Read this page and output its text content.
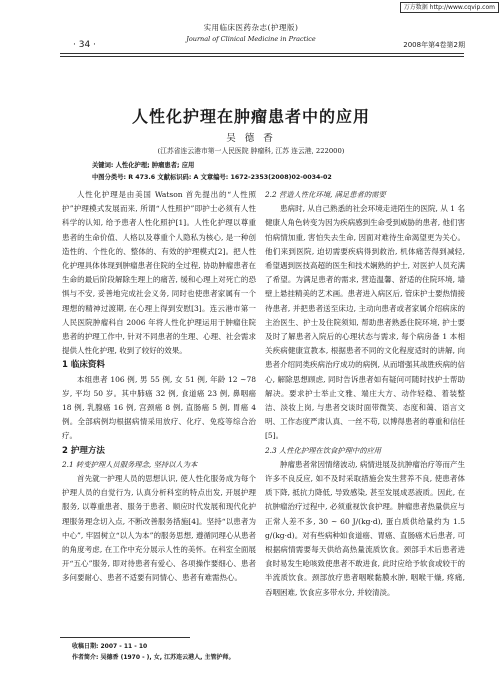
万方数据 http://www.cqvip.com
实用临床医药杂志(护理版)
Journal of Clinical Medicine in Practice
· 34 ·	2008年第4卷第2期
人性化护理在肿瘤患者中的应用
吴 德 香
(江苏省连云港市第一人民医院 肿瘤科, 江苏 连云港, 222000)
关键词: 人性化护理; 肿瘤患者; 应用
中图分类号: R 473.6 文献标识码: A 文章编号: 1672-2353(2008)02-0034-02

人性化护理是由美国 Watson 首先提出的“人性照护”护理模式发展而来, 所谓“人性照护”即护士必须有人性科学的认知, 给予患者人性化照护[1]。人性化护理以尊重患者的生命价值、人格以及尊重个人隐私为核心, 是一种创造性的、个性化的、整体的、有效的护理模式[2]。把人性化护理具体体现到肿瘤患者住院的全过程, 协助肿瘤患者在生命的最后阶段解除生理上的痛苦, 缓和心理上对死亡的恐惧与不安, 妥善地完成社会义务, 同时也使患者家属有一个理想的精神过渡期, 在心理上得到安慰[3]。连云港市第一人民医院肿瘤科自 2006 年将人性化护理运用于肿瘤住院患者的护理工作中, 针对不同患者的生理、心理、社会需求提供人性化护理, 收到了较好的效果。

1 临床资料

本组患者 106 例, 男 55 例, 女 51 例, 年龄 12 ~78 岁, 平均 50 岁。其中肺癌 32 例, 食道癌 23 例, 鼻咽癌 18 例, 乳腺癌 16 例, 宫颈癌 8 例, 直肠癌 5 例, 胃癌 4 例。全部病例均根据病情采用放疗、化疗、免疫等综合治疗。

2 护理方法

2.1 转变护理人员服务理念, 坚持以人为本

首先就一护理人员的思想认识, 使人性化服务成为每个护理人员的自觉行为, 认真分析科室的特点出发, 开展护理服务, 以尊重患者、服务于患者、顺应时代发展和现代化护理服务理念切入点, 不断改善服务措施[4]。坚持“以患者为中心”, 牢固树立“以人为本”的服务思想, 遵循同理心从患者的角度考虑, 在工作中充分展示人性的美怀。在科室全面展开“五心”服务, 即对待患者有爱心、各项操作要细心、患者多问要耐心、患者不适要有同情心、患者有难需热心。

2.2 营造人性化环境, 满足患者的需要

患病时, 从自己熟悉的社会环境走进陌生的医院, 从 1 名健康人角色转变为因为疾病感到生命受到威胁的患者, 他们害怕病情加重, 害怕失去生命, 因面对难待生命渴望更为关心。他们来到医院, 迫切需要疾病得到救治, 机体痛苦得到减轻, 希望遇到医技高超的医生和技术娴熟的护士, 对医护人员充满了希望。为满足患者的需求, 营造温馨、舒适的住院环境, 墙壁上悬挂精美的艺术画。患者进入病区后, 管床护士要热情接待患者, 并把患者送至床边, 主动向患者或者家属介绍病床的主治医生、护士及住院须知, 帮助患者熟悉住院环境, 护士要及时了解患者入院后的心理状态与需求, 每个病房备 1 本相关疾病健康宣教本, 根据患者不同的文化程度适时的讲解, 向患者介绍同类疾病治疗成功的病例, 从而增强其战胜疾病的信心, 解除思想顾虑, 同时告诉患者如有疑问可随时找护士帮助解决。要求护士举止文雅、端庄大方、动作轻稳、着装整洁、淡妆上岗, 与患者交谈时面带微笑、态度和蔼、语言文明、工作态度严肃认真、一丝不苟, 以博得患者的尊重和信任[5]。

2.3 人性化护理在饮食护理中的应用

肿瘤患者常因情绪波动, 病情进展及抗肿瘤治疗等而产生许多不良反应, 如不及时采取措施会发生营养不良, 使患者体质下降, 抵抗力降低, 导致感染, 甚至发展成恶液质。因此, 在抗肿瘤治疗过程中, 必须重视饮食护理。肿瘤患者热量供应与正常人差不多, 30 ~ 60 J/(kg·d), 蛋白质供给量约为 1.5 g/(kg·d)。对有些病种如食道癌、胃癌、直肠癌术后患者, 可根据病情需要每天供给高热量流质饮食。颈部手术后患者进食时易发生呛咳致使患者不敢进食, 此时应给予软食或较干的半流质饮食。颈部放疗患者咽喉黏膜水肿, 咽喉干燥, 疼痛, 吞咽困难, 饮食应多带水分, 并较清淡。

收稿日期: 2007 - 11 - 10
作者简介: 吴德香 (1970 - ), 女, 江苏连云港人, 主管护师。
